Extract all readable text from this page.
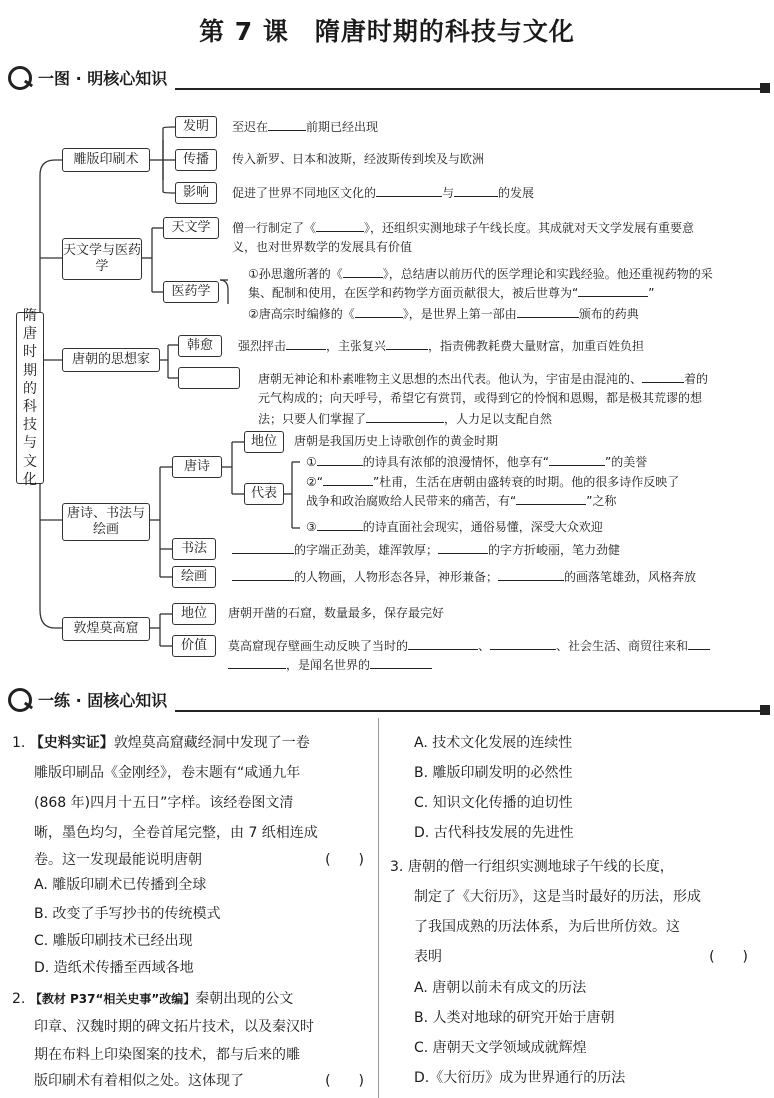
第 7 课　隋唐时期的科技与文化
一图 · 明核心知识
隋
唐
时
期
的
科
技
与
文
化
雕版印刷术
发明	至迟在	前期已经出现
传播	传入新罗、日本和波斯，经波斯传到埃及与欧洲
影响	促进了世界不同地区文化的	与	的发展
天文学与医药学
天文学	僧一行制定了《	》，还组织实测地球子午线长度。其成就对天文学发展有重要意
义，也对世界数学的发展具有价值
医药学
①孙思邈所著的《	》，总结唐以前历代的医学理论和实践经验。他还重视药物的采
集、配制和使用，在医学和药物学方面贡献很大，被后世尊为“	”
②唐高宗时编修的《	》，是世界上第一部由	颁布的药典
唐朝的思想家
韩愈	强烈抨击	，主张复兴	，指责佛教耗费大量财富，加重百姓负担
唐朝无神论和朴素唯物主义思想的杰出代表。他认为，宇宙是由混沌的、	着的
元气构成的；向天呼号，希望它有赏罚，或得到它的怜悯和恩赐，都是极其荒谬的想
法；只要人们掌握了	，人力足以支配自然
唐诗、书法与绘画
唐诗
地位	唐朝是我国历史上诗歌创作的黄金时期
代表
①	的诗具有浓郁的浪漫情怀，他享有“	”的美誉
②“	”杜甫，生活在唐朝由盛转衰的时期。他的很多诗作反映了
战争和政治腐败给人民带来的痛苦，有“	”之称
③	的诗直面社会现实，通俗易懂，深受大众欢迎
书法	的字端正劲美，雄浑敦厚；	的字方折峻丽，笔力劲健
绘画	的人物画，人物形态各异，神形兼备；	的画落笔雄劲，风格奔放
敦煌莫高窟
地位	唐朝开凿的石窟，数量最多，保存最完好
价值	莫高窟现存壁画生动反映了当时的	、	、社会生活、商贸往来和
，是闻名世界的
一练 · 固核心知识
1. 【史料实证】敦煌莫高窟藏经洞中发现了一卷
雕版印刷品《金刚经》，卷末题有“咸通九年
(868 年)四月十五日”字样。该经卷图文清
晰，墨色均匀，全卷首尾完整，由 7 纸相连成
卷。这一发现最能说明唐朝	(　　)
A. 雕版印刷术已传播到全球
B. 改变了手写抄书的传统模式
C. 雕版印刷技术已经出现
D. 造纸术传播至西域各地
2. 【教材 P37“相关史事”改编】秦朝出现的公文
印章、汉魏时期的碑文拓片技术，以及秦汉时
期在布料上印染图案的技术，都与后来的雕
版印刷术有着相似之处。这体现了	(　　)
A. 技术文化发展的连续性
B. 雕版印刷发明的必然性
C. 知识文化传播的迫切性
D. 古代科技发展的先进性
3. 唐朝的僧一行组织实测地球子午线的长度，
制定了《大衍历》，这是当时最好的历法，形成
了我国成熟的历法体系，为后世所仿效。这
表明	(　　)
A. 唐朝以前未有成文的历法
B. 人类对地球的研究开始于唐朝
C. 唐朝天文学领域成就辉煌
D.《大衍历》成为世界通行的历法
